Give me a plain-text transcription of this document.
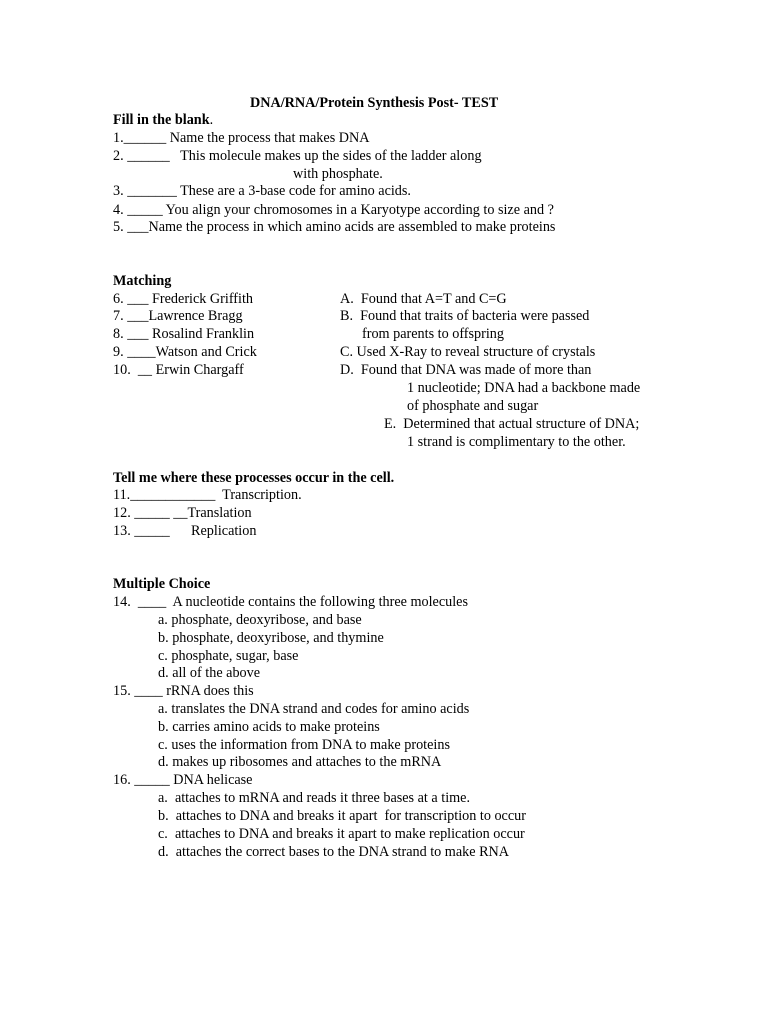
DNA/RNA/Protein Synthesis Post- TEST
Fill in the blank.
1.______ Name the process that makes DNA
2. ______   This molecule makes up the sides of the ladder along
with phosphate.
3. _______ These are a 3-base code for amino acids.
4. _____ You align your chromosomes in a Karyotype according to size and ?
5. ___Name the process in which amino acids are assembled to make proteins
Matching
6. ___ Frederick Griffith
7. ___Lawrence Bragg
8. ___ Rosalind Franklin
9. ____Watson and Crick
10.  __ Erwin Chargaff
A.  Found that A=T and C=G
B.  Found that traits of bacteria were passed
from parents to offspring
C. Used X-Ray to reveal structure of crystals
D.  Found that DNA was made of more than
1 nucleotide; DNA had a backbone made
of phosphate and sugar
E.  Determined that actual structure of DNA;
1 strand is complimentary to the other.
Tell me where these processes occur in the cell.
11.____________  Transcription.
12. _____ __Translation
13. _____      Replication
Multiple Choice
14.  ____  A nucleotide contains the following three molecules
a. phosphate, deoxyribose, and base
b. phosphate, deoxyribose, and thymine
c. phosphate, sugar, base
d. all of the above
15. ____ rRNA does this
a. translates the DNA strand and codes for amino acids
b. carries amino acids to make proteins
c. uses the information from DNA to make proteins
d. makes up ribosomes and attaches to the mRNA
16. _____ DNA helicase
a.  attaches to mRNA and reads it three bases at a time.
b.  attaches to DNA and breaks it apart  for transcription to occur
c.  attaches to DNA and breaks it apart to make replication occur
d.  attaches the correct bases to the DNA strand to make RNA
